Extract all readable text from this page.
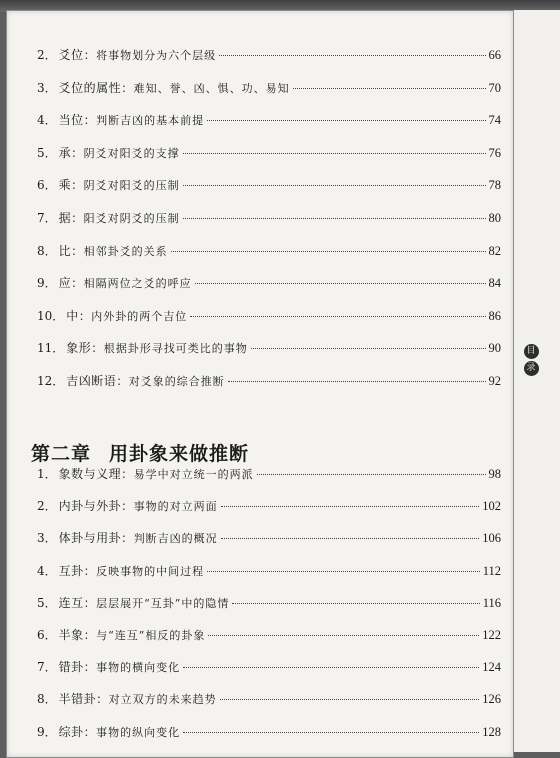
2． 爻位： 将事物划分为六个层级	66
3． 爻位的属性： 难知、誉、凶、惧、功、易知	70
4． 当位： 判断吉凶的基本前提	74
5． 承： 阴爻对阳爻的支撑	76
6． 乘： 阴爻对阳爻的压制	78
7． 据： 阳爻对阴爻的压制	80
8． 比： 相邻卦爻的关系	82
9． 应： 相隔两位之爻的呼应	84
10． 中： 内外卦的两个吉位	86
11． 象形： 根据卦形寻找可类比的事物	90
12． 吉凶断语： 对爻象的综合推断	92
第二章 用卦象来做推断
1． 象数与义理： 易学中对立统一的两派	98
2． 内卦与外卦： 事物的对立两面	102
3． 体卦与用卦： 判断吉凶的概况	106
4． 互卦： 反映事物的中间过程	112
5． 连互： 层层展开“互卦”中的隐情	116
6． 半象： 与“连互”相反的卦象	122
7． 错卦： 事物的横向变化	124
8． 半错卦： 对立双方的未来趋势	126
9． 综卦： 事物的纵向变化	128
目
录
